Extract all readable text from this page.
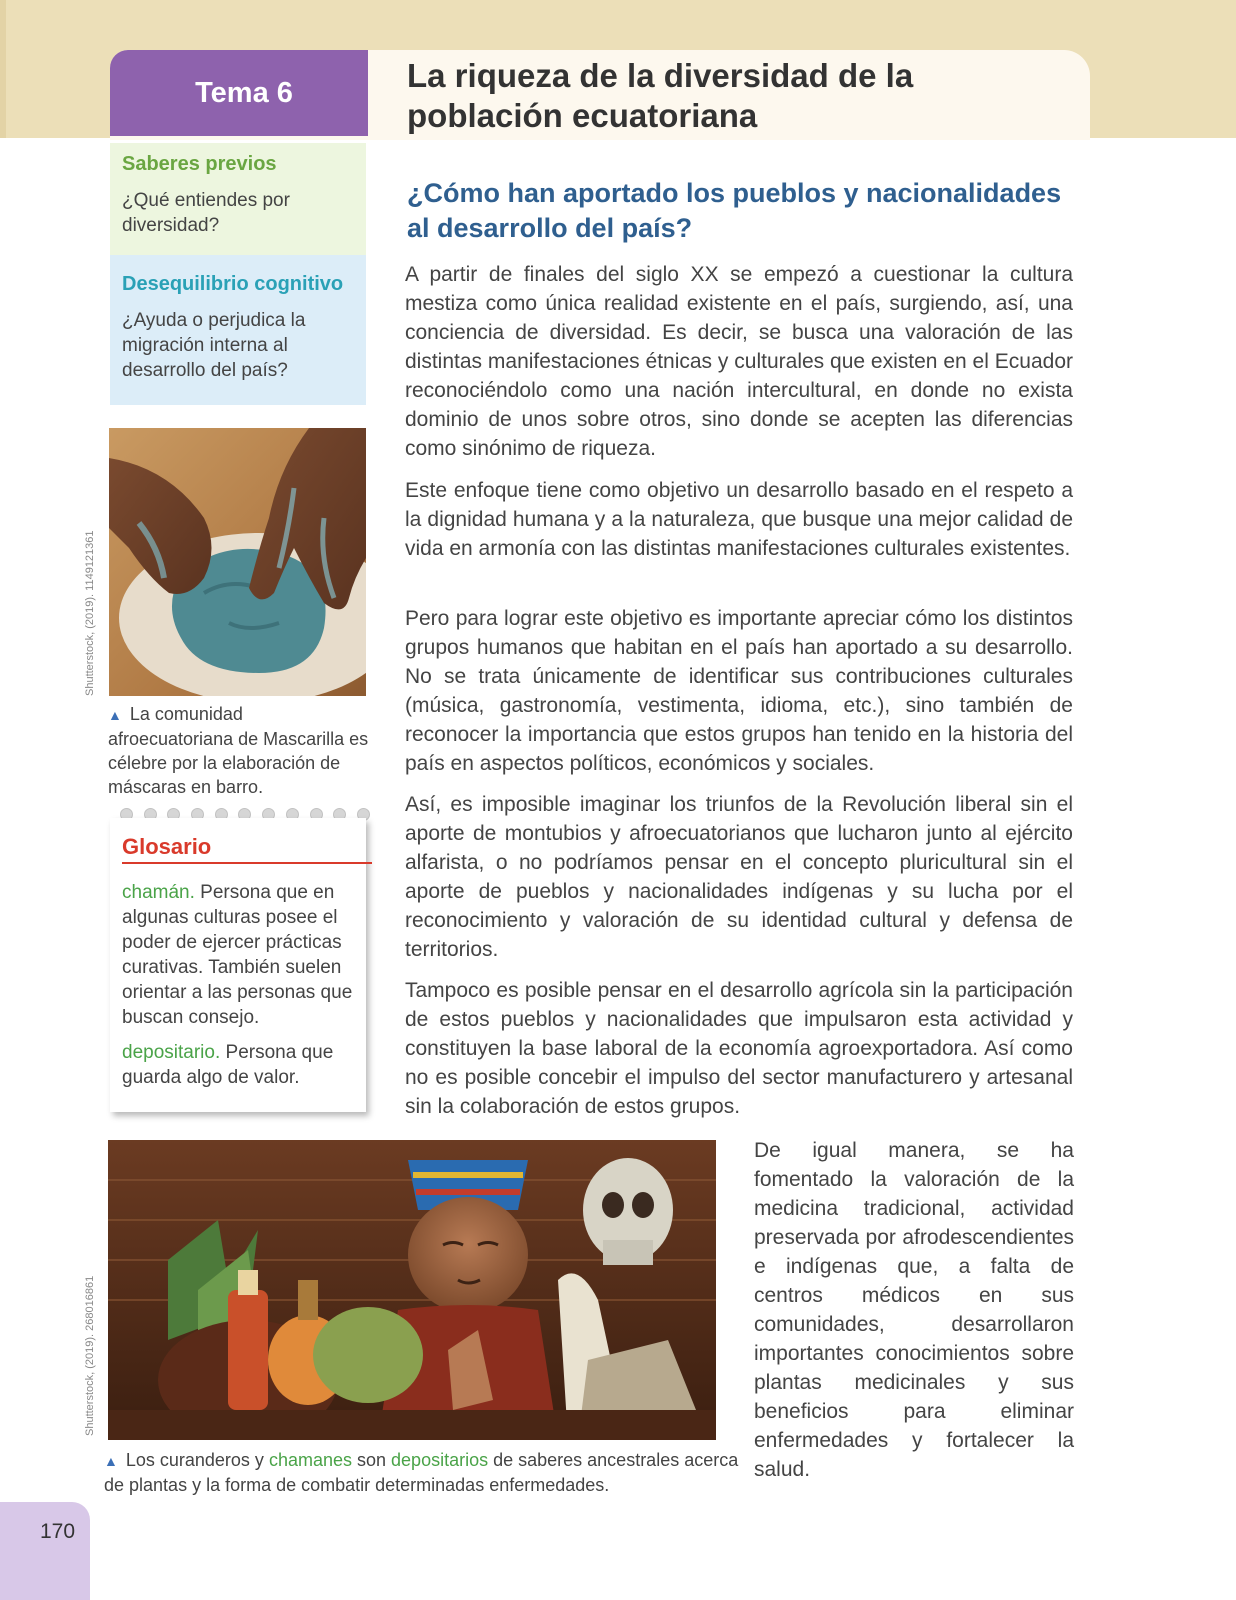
Tema 6	La riqueza de la diversidad de la población ecuatoriana
Saberes previos
¿Qué entiendes por diversidad?
Desequilibrio cognitivo
¿Ayuda o perjudica la migración interna al desarrollo del país?
Shutterstock, (2019). 1149121361
▲ La comunidad afroecuatoriana de Mascarilla es célebre por la elaboración de máscaras en barro.
Glosario
chamán. Persona que en algunas culturas posee el poder de ejercer prácticas curativas. También suelen orientar a las personas que buscan consejo.
depositario. Persona que guarda algo de valor.
¿Cómo han aportado los pueblos y nacionalidades al desarrollo del país?

A partir de finales del siglo XX se empezó a cuestionar la cultura mestiza como única realidad existente en el país, surgiendo, así, una conciencia de diversidad. Es decir, se busca una valoración de las distintas manifestaciones étnicas y culturales que existen en el Ecuador reconociéndolo como una nación intercultural, en donde no exista dominio de unos sobre otros, sino donde se acepten las diferencias como sinónimo de riqueza.

Este enfoque tiene como objetivo un desarrollo basado en el respeto a la dignidad humana y a la naturaleza, que busque una mejor calidad de vida en armonía con las distintas manifestaciones culturales existentes.

Pero para lograr este objetivo es importante apreciar cómo los distintos grupos humanos que habitan en el país han aportado a su desarrollo. No se trata únicamente de identificar sus contribuciones culturales (música, gastronomía, vestimenta, idioma, etc.), sino también de reconocer la importancia que estos grupos han tenido en la historia del país en aspectos políticos, económicos y sociales.

Así, es imposible imaginar los triunfos de la Revolución liberal sin el aporte de montubios y afroecuatorianos que lucharon junto al ejército alfarista, o no podríamos pensar en el concepto pluricultural sin el aporte de pueblos y nacionalidades indígenas y su lucha por el reconocimiento y valoración de su identidad cultural y defensa de territorios.

Tampoco es posible pensar en el desarrollo agrícola sin la participación de estos pueblos y nacionalidades que impulsaron esta actividad y constituyen la base laboral de la economía agroexportadora. Así como no es posible concebir el impulso del sector manufacturero y artesanal sin la colaboración de estos grupos.

Shutterstock, (2019). 268016861
▲ Los curanderos y chamanes son depositarios de saberes ancestrales acerca de plantas y la forma de combatir determinadas enfermedades.

De igual manera, se ha fomentado la valoración de la medicina tradicional, actividad preservada por afrodescendientes e indígenas que, a falta de centros médicos en sus comunidades, desarrollaron importantes conocimientos sobre plantas medicinales y sus beneficios para eliminar enfermedades y fortalecer la salud.

170
